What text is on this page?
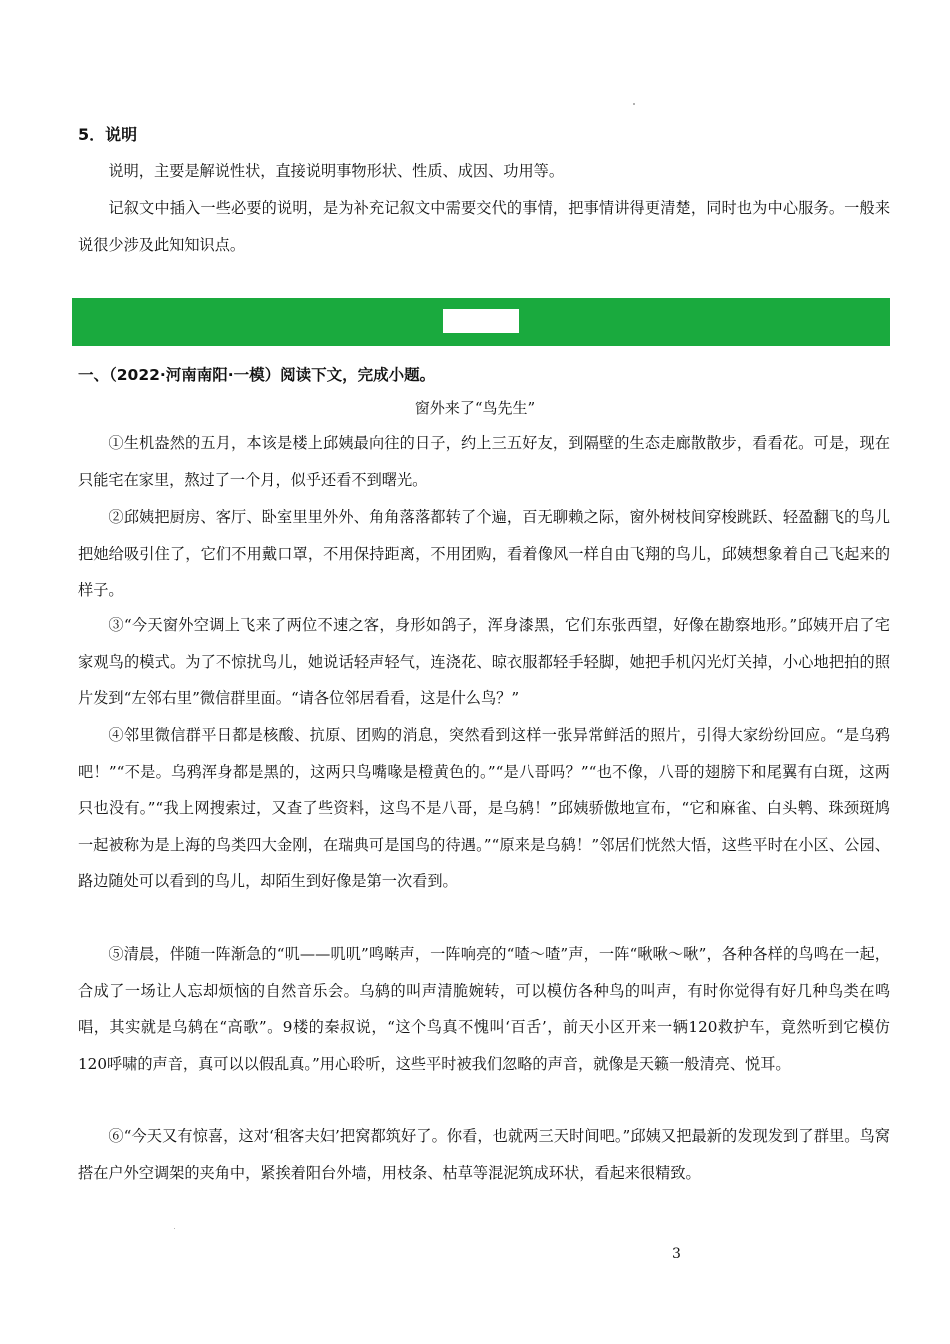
5．说明

说明，主要是解说性状，直接说明事物形状、性质、成因、功用等。

记叙文中插入一些必要的说明，是为补充记叙文中需要交代的事情，把事情讲得更清楚，同时也为中心服务。一般来说很少涉及此知知识点。

一、（2022·河南南阳·一模）阅读下文，完成小题。
窗外来了“鸟先生”

①生机盎然的五月，本该是楼上邱姨最向往的日子，约上三五好友，到隔壁的生态走廊散散步，看看花。可是，现在只能宅在家里，熬过了一个月，似乎还看不到曙光。

②邱姨把厨房、客厅、卧室里里外外、角角落落都转了个遍，百无聊赖之际，窗外树枝间穿梭跳跃、轻盈翻飞的鸟儿把她给吸引住了，它们不用戴口罩，不用保持距离，不用团购，看着像风一样自由飞翔的鸟儿，邱姨想象着自己飞起来的样子。

③“今天窗外空调上飞来了两位不速之客，身形如鸽子，浑身漆黑，它们东张西望，好像在勘察地形。”邱姨开启了宅家观鸟的模式。为了不惊扰鸟儿，她说话轻声轻气，连浇花、晾衣服都轻手轻脚，她把手机闪光灯关掉，小心地把拍的照片发到“左邻右里”微信群里面。“请各位邻居看看，这是什么鸟？”

④邻里微信群平日都是核酸、抗原、团购的消息，突然看到这样一张异常鲜活的照片，引得大家纷纷回应。“是乌鸦吧！”“不是。乌鸦浑身都是黑的，这两只鸟嘴喙是橙黄色的。”“是八哥吗？”“也不像，八哥的翅膀下和尾翼有白斑，这两只也没有。”“我上网搜索过，又查了些资料，这鸟不是八哥，是乌鸫！”邱姨骄傲地宣布，“它和麻雀、白头鹎、珠颈斑鸠一起被称为是上海的鸟类四大金刚，在瑞典可是国鸟的待遇。”“原来是乌鸫！”邻居们恍然大悟，这些平时在小区、公园、路边随处可以看到的鸟儿，却陌生到好像是第一次看到。

⑤清晨，伴随一阵渐急的“叽——叽叽”鸣啭声，一阵响亮的“喳～喳”声，一阵“啾啾～啾”，各种各样的鸟鸣在一起，合成了一场让人忘却烦恼的自然音乐会。乌鸫的叫声清脆婉转，可以模仿各种鸟的叫声，有时你觉得有好几种鸟类在鸣唱，其实就是乌鸫在“高歌”。9楼的秦叔说，“这个鸟真不愧叫‘百舌’，前天小区开来一辆120救护车，竟然听到它模仿120呼啸的声音，真可以以假乱真。”用心聆听，这些平时被我们忽略的声音，就像是天籁一般清亮、悦耳。

⑥“今天又有惊喜，这对‘租客夫妇’把窝都筑好了。你看，也就两三天时间吧。”邱姨又把最新的发现发到了群里。鸟窝搭在户外空调架的夹角中，紧挨着阳台外墙，用枝条、枯草等混泥筑成环状，看起来很精致。

3
